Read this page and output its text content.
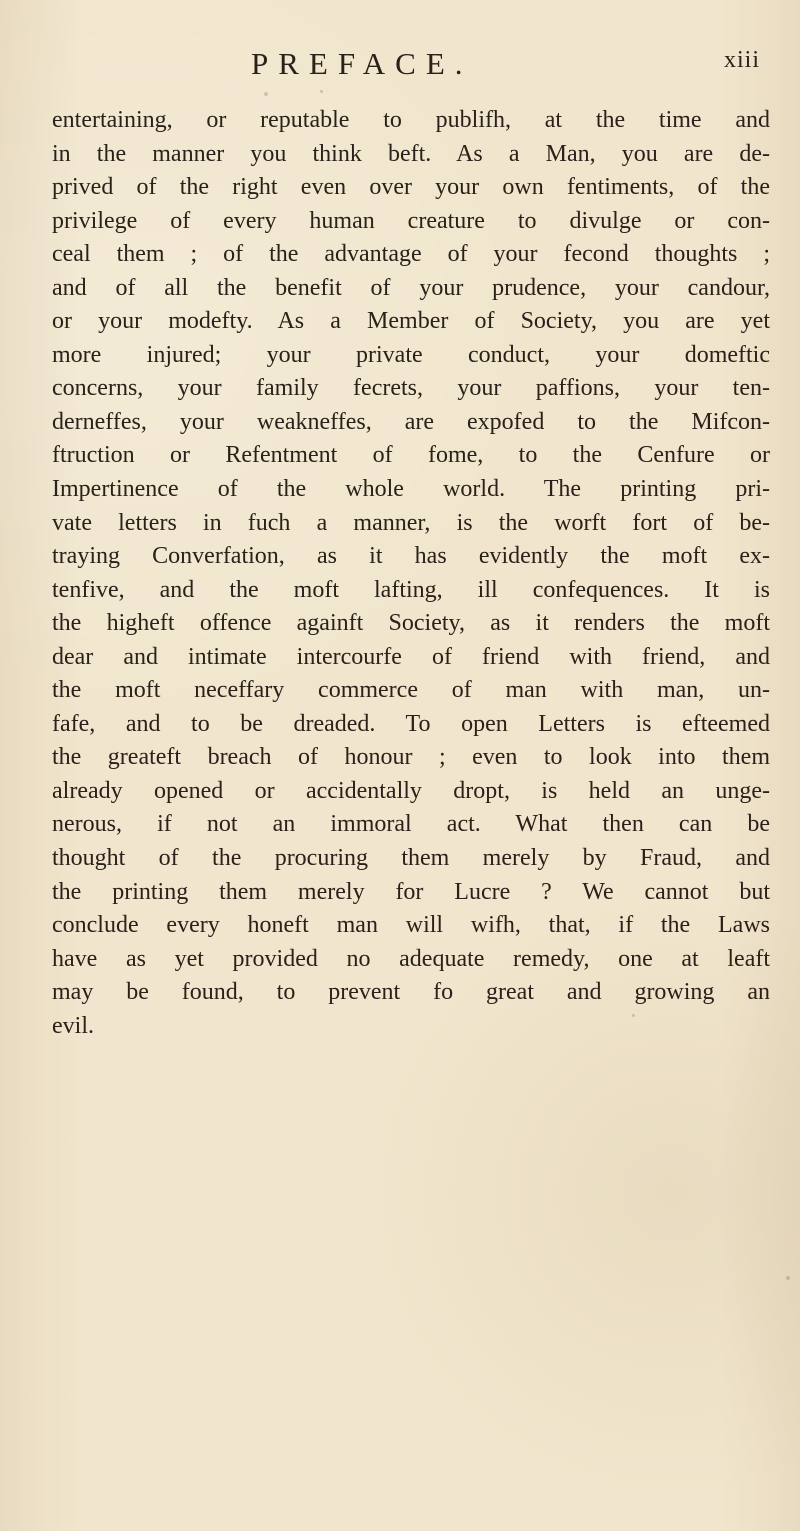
PREFACE.	xiii
entertaining, or reputable to publifh, at the time and
in the manner you think beft. As a Man, you are de-
prived of the right even over your own fentiments, of the
privilege of every human creature to divulge or con-
ceal them ; of the advantage of your fecond thoughts ;
and of all the benefit of your prudence, your candour,
or your modefty. As a Member of Society, you are yet
more injured; your private conduct, your domeftic
concerns, your family fecrets, your paffions, your ten-
derneffes, your weakneffes, are expofed to the Mifcon-
ftruction or Refentment of fome, to the Cenfure or
Impertinence of the whole world. The printing pri-
vate letters in fuch a manner, is the worft fort of be-
traying Converfation, as it has evidently the moft ex-
tenfive, and the moft lafting, ill confequences. It is
the higheft offence againft Society, as it renders the moft
dear and intimate intercourfe of friend with friend, and
the moft neceffary commerce of man with man, un-
fafe, and to be dreaded. To open Letters is efteemed
the greateft breach of honour ; even to look into them
already opened or accidentally dropt, is held an unge-
nerous, if not an immoral act. What then can be
thought of the procuring them merely by Fraud, and
the printing them merely for Lucre ? We cannot but
conclude every honeft man will wifh, that, if the Laws
have as yet provided no adequate remedy, one at leaft
may be found, to prevent fo great and growing an
evil.
